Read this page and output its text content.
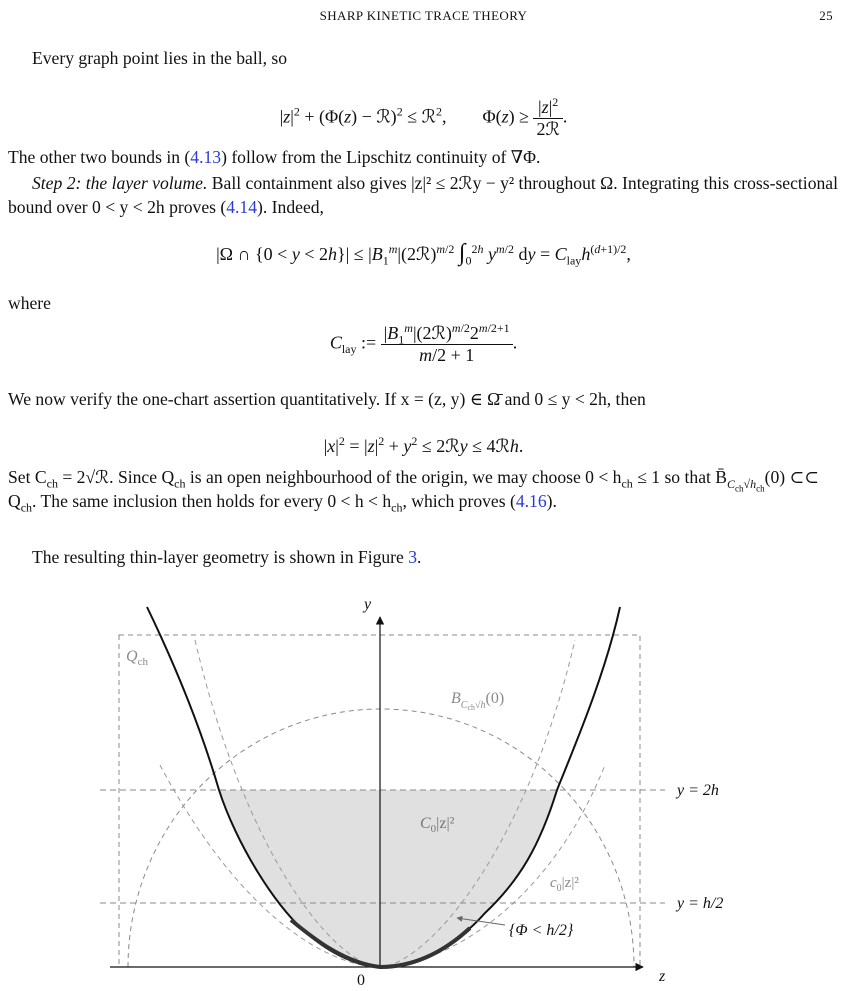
SHARP KINETIC TRACE THEORY	25
Every graph point lies in the ball, so
$|z|^2 + (\Phi(z)$ − ℛ)$^2$ ≤ ℛ$^2$,        $\Phi(z) \ge \frac{|z|^2}{\text{2ℛ}}$ .
The other two bounds in (4.13) follow from the Lipschitz continuity of ∇Φ.
Step 2: the layer volume. Ball containment also gives |z|² ≤ 2ℛy − y² throughout Ω. Integrating this cross-sectional bound over 0 < y < 2h proves (4.14). Indeed,
|Ω ∩ $\{0 < y < 2h\}| \le |B_1^m|(2ℛ)^{m/2}$ $\int_0^{2h}$ $y^{m/2}$ dy = $C_{lay}h^{(d+1)/2}$,
where
$C_{lay}$ := $\frac{|B_1^m|(2ℛ)^{m/2}2^{m/2+1}}{m/2 + 1}$ .
We now verify the one-chart assertion quantitatively. If x = (z, y) ∈ Ω̄ and 0 ≤ y < 2h, then
$|x|^2 = |z|^2 + y^2$ ≤ 2ℛy ≤ 4ℛh.
Set $C_{ch}$ = 2√ℛ. Since $Q_{ch}$ is an open neighbourhood of the origin, we may choose $0 < h_{ch} \le 1$ so that $B̄_{C_{ch}√h_{ch}}(0)$ ⊂⊂ $Q_{ch}$. The same inclusion then holds for every $0 < h < h_{ch}$, which proves (4.16).
The resulting thin-layer geometry is shown in Figure 3.
y
z
0
y = 2h
y = h/2
$Q_{ch}$
$B_Cch√h(0)$
$C_0|z|^2$
$c_0|z|^2$
{Φ < h/2}
